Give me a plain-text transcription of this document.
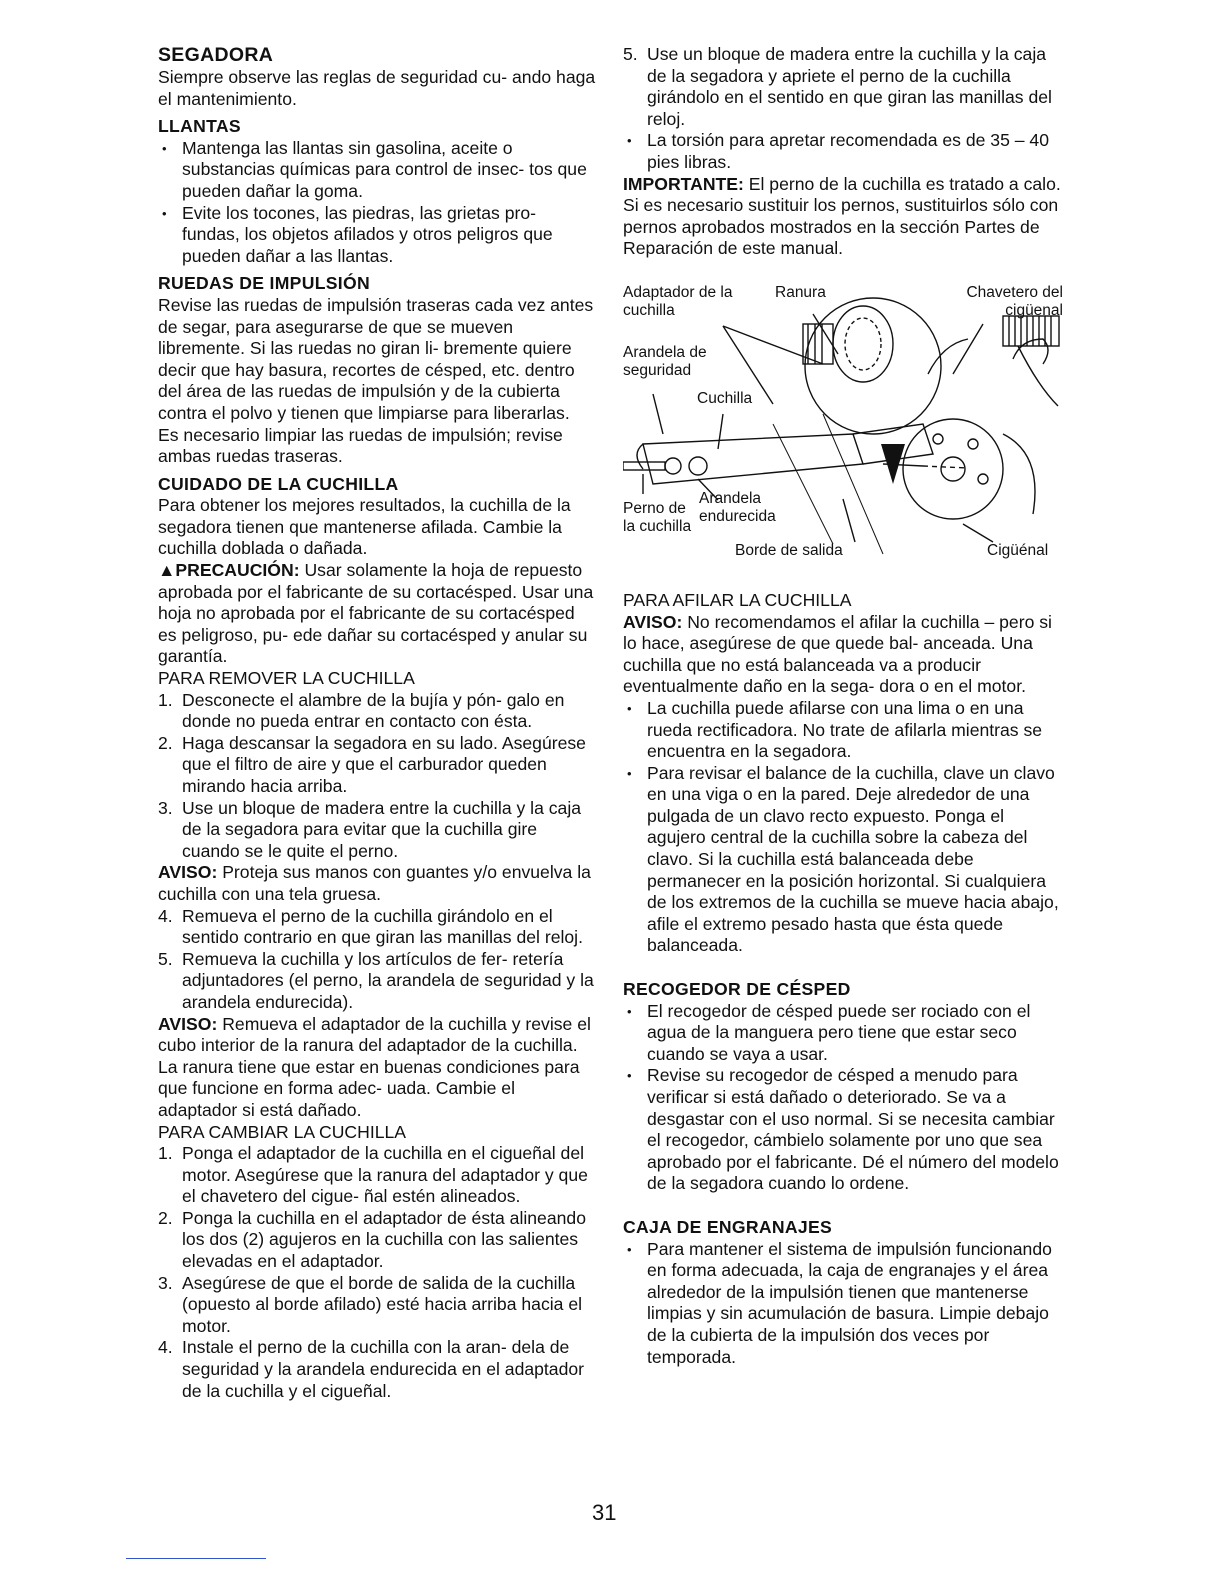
SEGADORA

Siempre observe las reglas de seguridad cu- ando haga el mantenimiento.

LLANTAS

• Mantenga las llantas sin gasolina, aceite o substancias químicas para control de insec- tos que pueden dañar la goma.
• Evite los tocones, las piedras, las grietas pro- fundas, los objetos afilados y otros peligros que pueden dañar a las llantas.

RUEDAS DE IMPULSIÓN

Revise las ruedas de impulsión traseras cada vez antes de segar, para asegurarse de que se mueven libremente. Si las ruedas no giran li- bremente quiere decir que hay basura, recortes de césped, etc. dentro del área de las ruedas de impulsión y de la cubierta contra el polvo y tienen que limpiarse para liberarlas.

Es necesario limpiar las ruedas de impulsión; revise ambas ruedas traseras.

CUIDADO DE LA CUCHILLA

Para obtener los mejores resultados, la cuchilla de la segadora tienen que mantenerse afilada. Cambie la cuchilla doblada o dañada.

▲PRECAUCIÓN: Usar solamente la hoja de repuesto aprobada por el fabricante de su cortacésped. Usar una hoja no aprobada por el fabricante de su cortacésped es peligroso, pu- ede dañar su cortacésped y anular su garantía.

PARA REMOVER LA CUCHILLA

1. Desconecte el alambre de la bujía y pón- galo en donde no pueda entrar en contacto con ésta.
2. Haga descansar la segadora en su lado. Asegúrese que el filtro de aire y que el carburador queden mirando hacia arriba.
3. Use un bloque de madera entre la cuchilla y la caja de la segadora para evitar que la cuchilla gire cuando se le quite el perno.

AVISO: Proteja sus manos con guantes y/o envuelva la cuchilla con una tela gruesa.

4. Remueva el perno de la cuchilla girándolo en el sentido contrario en que giran las manillas del reloj.
5. Remueva la cuchilla y los artículos de fer- retería adjuntadores (el perno, la arandela de seguridad y la arandela endurecida).

AVISO: Remueva el adaptador de la cuchilla y revise el cubo interior de la ranura del adaptador de la cuchilla. La ranura tiene que estar en buenas condiciones para que funcione en forma adec- uada. Cambie el adaptador si está dañado.

PARA CAMBIAR LA CUCHILLA

1. Ponga el adaptador de la cuchilla en el cigueñal del motor. Asegúrese que la ranura del adaptador y que el chavetero del cigue- ñal estén alineados.
2. Ponga la cuchilla en el adaptador de ésta alineando los dos (2) agujeros en la cuchilla con las salientes elevadas en el adaptador.
3. Asegúrese de que el borde de salida de la cuchilla (opuesto al borde afilado) esté hacia arriba hacia el motor.
4. Instale el perno de la cuchilla con la aran- dela de seguridad y la arandela endurecida en el adaptador de la cuchilla y el cigueñal.
5. Use un bloque de madera entre la cuchilla y la caja de la segadora y apriete el perno de la cuchilla girándolo en el sentido en que giran las manillas del reloj.
• La torsión para apretar recomendada es de 35 – 40 pies libras.

IMPORTANTE: El perno de la cuchilla es tratado a calo. Si es necesario sustituir los pernos, sustituirlos sólo con pernos aprobados mostrados en la sección Partes de Reparación de este manual.

Adaptador de la cuchilla
Ranura	Chavetero del cigüenal
Arandela de seguridad
Cuchilla
Perno de la cuchilla
Arandela endurecida
Borde de salida	Cigüénal

PARA AFILAR LA CUCHILLA

AVISO: No recomendamos el afilar la cuchilla – pero si lo hace, asegúrese de que quede bal- anceada. Una cuchilla que no está balanceada va a producir eventualmente daño en la sega- dora o en el motor.

• La cuchilla puede afilarse con una lima o en una rueda rectificadora. No trate de afilarla mientras se encuentra en la segadora.
• Para revisar el balance de la cuchilla, clave un clavo en una viga o en la pared. Deje alrededor de una pulgada de un clavo recto expuesto. Ponga el agujero central de la cuchilla sobre la cabeza del clavo. Si la cuchilla está balanceada debe permanecer en la posición horizontal. Si cualquiera de los extremos de la cuchilla se mueve hacia abajo, afile el extremo pesado hasta que ésta quede balanceada.

RECOGEDOR DE CÉSPED

• El recogedor de césped puede ser rociado con el agua de la manguera pero tiene que estar seco cuando se vaya a usar.
• Revise su recogedor de césped a menudo para verificar si está dañado o deteriorado. Se va a desgastar con el uso normal. Si se necesita cambiar el recogedor, cámbielo solamente por uno que sea aprobado por el fabricante. Dé el número del modelo de la segadora cuando lo ordene.

CAJA DE ENGRANAJES

• Para mantener el sistema de impulsión funcionando en forma adecuada, la caja de engranajes y el área alrededor de la impulsión tienen que mantenerse limpias y sin acumulación de basura. Limpie debajo de la cubierta de la impulsión dos veces por temporada.
31
